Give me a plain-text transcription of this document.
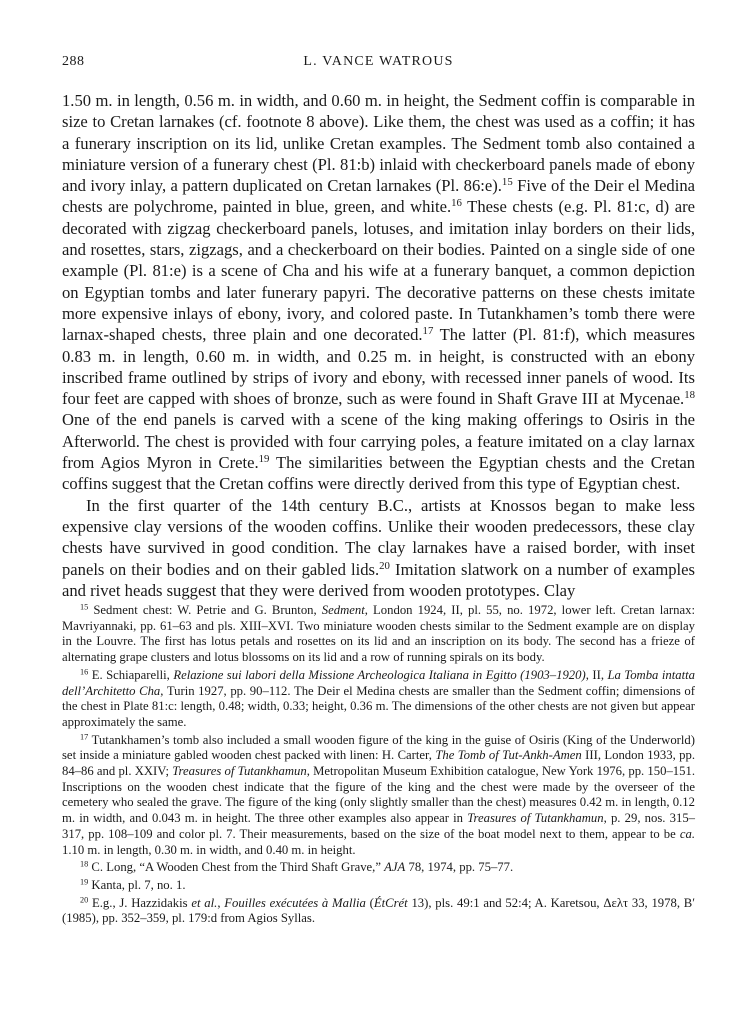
288	L. VANCE WATROUS

1.50 m. in length, 0.56 m. in width, and 0.60 m. in height, the Sedment coffin is comparable in size to Cretan larnakes (cf. footnote 8 above). Like them, the chest was used as a coffin; it has a funerary inscription on its lid, unlike Cretan examples. The Sedment tomb also contained a miniature version of a funerary chest (Pl. 81:b) inlaid with checkerboard panels made of ebony and ivory inlay, a pattern duplicated on Cretan larnakes (Pl. 86:e).$^{15}$ Five of the Deir el Medina chests are polychrome, painted in blue, green, and white.$^{16}$ These chests (e.g. Pl. 81:c, d) are decorated with zigzag checkerboard panels, lotuses, and imitation inlay borders on their lids, and rosettes, stars, zigzags, and a checkerboard on their bodies. Painted on a single side of one example (Pl. 81:e) is a scene of Cha and his wife at a funerary banquet, a common depiction on Egyptian tombs and later funerary papyri. The decorative patterns on these chests imitate more expensive inlays of ebony, ivory, and colored paste. In Tutankhamen’s tomb there were larnax-shaped chests, three plain and one decorated.$^{17}$ The latter (Pl. 81:f), which measures 0.83 m. in length, 0.60 m. in width, and 0.25 m. in height, is constructed with an ebony inscribed frame outlined by strips of ivory and ebony, with recessed inner panels of wood. Its four feet are capped with shoes of bronze, such as were found in Shaft Grave III at Mycenae.$^{18}$ One of the end panels is carved with a scene of the king making offerings to Osiris in the Afterworld. The chest is provided with four carrying poles, a feature imitated on a clay larnax from Agios Myron in Crete.$^{19}$ The similarities between the Egyptian chests and the Cretan coffins suggest that the Cretan coffins were directly derived from this type of Egyptian chest.

In the first quarter of the 14th century B.C., artists at Knossos began to make less expensive clay versions of the wooden coffins. Unlike their wooden predecessors, these clay chests have survived in good condition. The clay larnakes have a raised border, with inset panels on their bodies and on their gabled lids.$^{20}$ Imitation slatwork on a number of examples and rivet heads suggest that they were derived from wooden prototypes. Clay

$^{15}$ Sedment chest: W. Petrie and G. Brunton, Sedment, London 1924, II, pl. 55, no. 1972, lower left. Cretan larnax: Mavriyannaki, pp. 61–63 and pls. XIII–XVI. Two miniature wooden chests similar to the Sedment example are on display in the Louvre. The first has lotus petals and rosettes on its lid and an inscription on its body. The second has a frieze of alternating grape clusters and lotus blossoms on its lid and a row of running spirals on its body.

$^{16}$ E. Schiaparelli, Relazione sui labori della Missione Archeologica Italiana in Egitto (1903–1920), II, La Tomba intatta dell’Architetto Cha, Turin 1927, pp. 90–112. The Deir el Medina chests are smaller than the Sedment coffin; dimensions of the chest in Plate 81:c: length, 0.48; width, 0.33; height, 0.36 m. The dimensions of the other chests are not given but appear approximately the same.

$^{17}$ Tutankhamen’s tomb also included a small wooden figure of the king in the guise of Osiris (King of the Underworld) set inside a miniature gabled wooden chest packed with linen: H. Carter, The Tomb of Tut-Ankh-Amen III, London 1933, pp. 84–86 and pl. XXIV; Treasures of Tutankhamun, Metropolitan Museum Exhibition catalogue, New York 1976, pp. 150–151. Inscriptions on the wooden chest indicate that the figure of the king and the chest were made by the overseer of the cemetery who sealed the grave. The figure of the king (only slightly smaller than the chest) measures 0.42 m. in length, 0.12 m. in width, and 0.043 m. in height. The three other examples also appear in Treasures of Tutankhamun, p. 29, nos. 315–317, pp. 108–109 and color pl. 7. Their measurements, based on the size of the boat model next to them, appear to be ca. 1.10 m. in length, 0.30 m. in width, and 0.40 m. in height.

$^{18}$ C. Long, “A Wooden Chest from the Third Shaft Grave,” AJA 78, 1974, pp. 75–77.

$^{19}$ Kanta, pl. 7, no. 1.

$^{20}$ E.g., J. Hazzidakis et al., Fouilles exécutées à Mallia (ÉtCrét 13), pls. 49:1 and 52:4; A. Karetsou, Δελτ 33, 1978, B′ (1985), pp. 352–359, pl. 179:d from Agios Syllas.
